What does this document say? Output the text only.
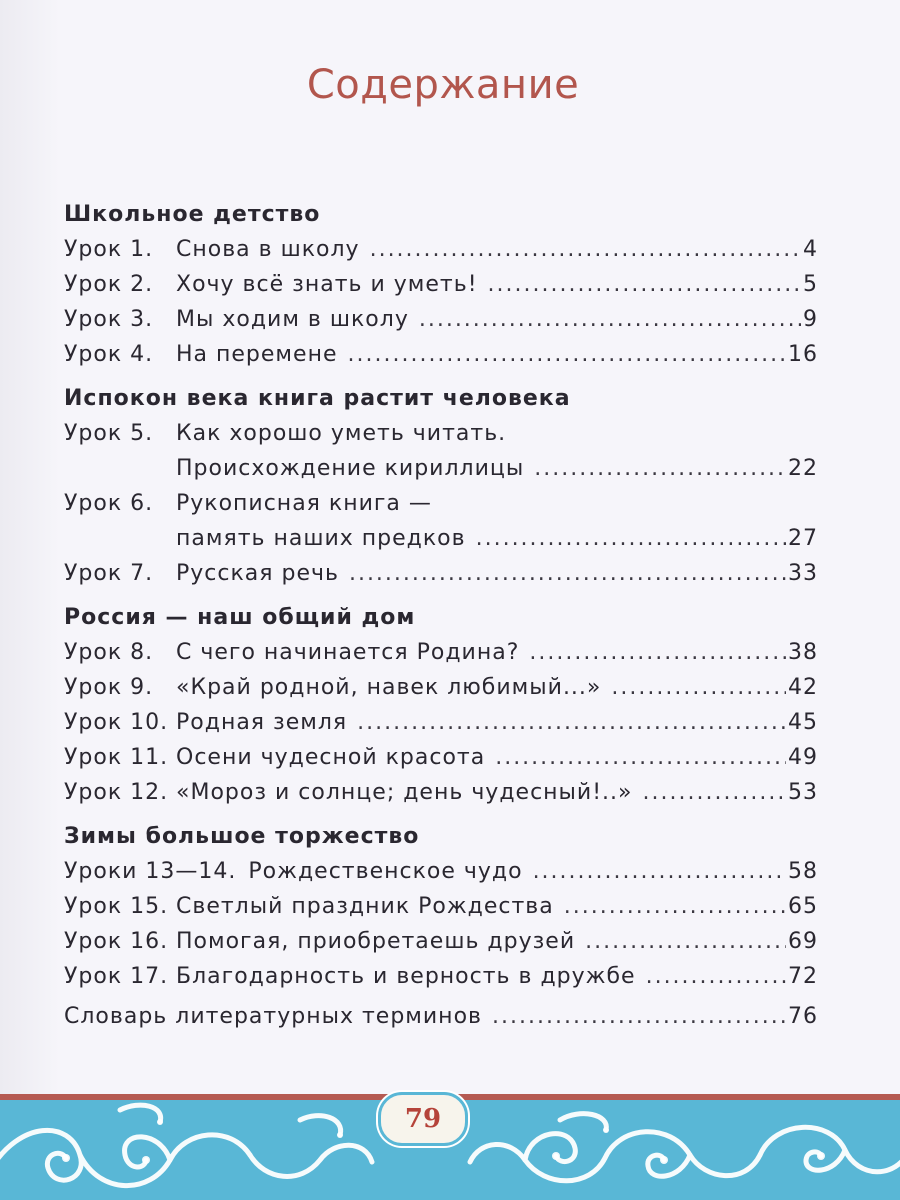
Содержание
Школьное детство
Урок 1. Снова в школу .....	4
Урок 2. Хочу всё знать и уметь! .....	5
Урок 3. Мы ходим в школу .....	9
Урок 4. На перемене .....	16
Испокон века книга растит человека
Урок 5. Как хорошо уметь читать.
Происхождение кириллицы .....	22
Урок 6. Рукописная книга —
память наших предков .....	27
Урок 7. Русская речь .....	33
Россия — наш общий дом
Урок 8. С чего начинается Родина? .....	38
Урок 9. «Край родной, навек любимый...» .....	42
Урок 10. Родная земля .....	45
Урок 11. Осени чудесной красота .....	49
Урок 12. «Мороз и солнце; день чудесный!..» .....	53
Зимы большое торжество
Уроки 13—14. Рождественское чудо .....	58
Урок 15. Светлый праздник Рождества .....	65
Урок 16. Помогая, приобретаешь друзей .....	69
Урок 17. Благодарность и верность в дружбе .....	72
Словарь литературных терминов .....	76
79
